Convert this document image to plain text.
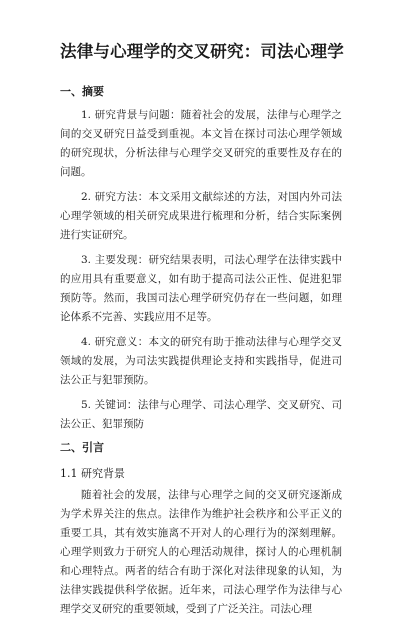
法律与心理学的交叉研究：司法心理学
一、摘要

1. 研究背景与问题：随着社会的发展，法律与心理学之间的交叉研究日益受到重视。本文旨在探讨司法心理学领域的研究现状，分析法律与心理学交叉研究的重要性及存在的问题。

2. 研究方法：本文采用文献综述的方法，对国内外司法心理学领域的相关研究成果进行梳理和分析，结合实际案例进行实证研究。

3. 主要发现：研究结果表明，司法心理学在法律实践中的应用具有重要意义，如有助于提高司法公正性、促进犯罪预防等。然而，我国司法心理学研究仍存在一些问题，如理论体系不完善、实践应用不足等。

4. 研究意义：本文的研究有助于推动法律与心理学交叉领域的发展，为司法实践提供理论支持和实践指导，促进司法公正与犯罪预防。

5. 关键词：法律与心理学、司法心理学、交叉研究、司法公正、犯罪预防

二、引言
1.1 研究背景

随着社会的发展，法律与心理学之间的交叉研究逐渐成为学术界关注的焦点。法律作为维护社会秩序和公平正义的重要工具，其有效实施离不开对人的心理行为的深刻理解。心理学则致力于研究人的心理活动规律，探讨人的心理机制和心理特点。两者的结合有助于深化对法律现象的认知，为法律实践提供科学依据。近年来，司法心理学作为法律与心理学交叉研究的重要领域，受到了广泛关注。司法心理
